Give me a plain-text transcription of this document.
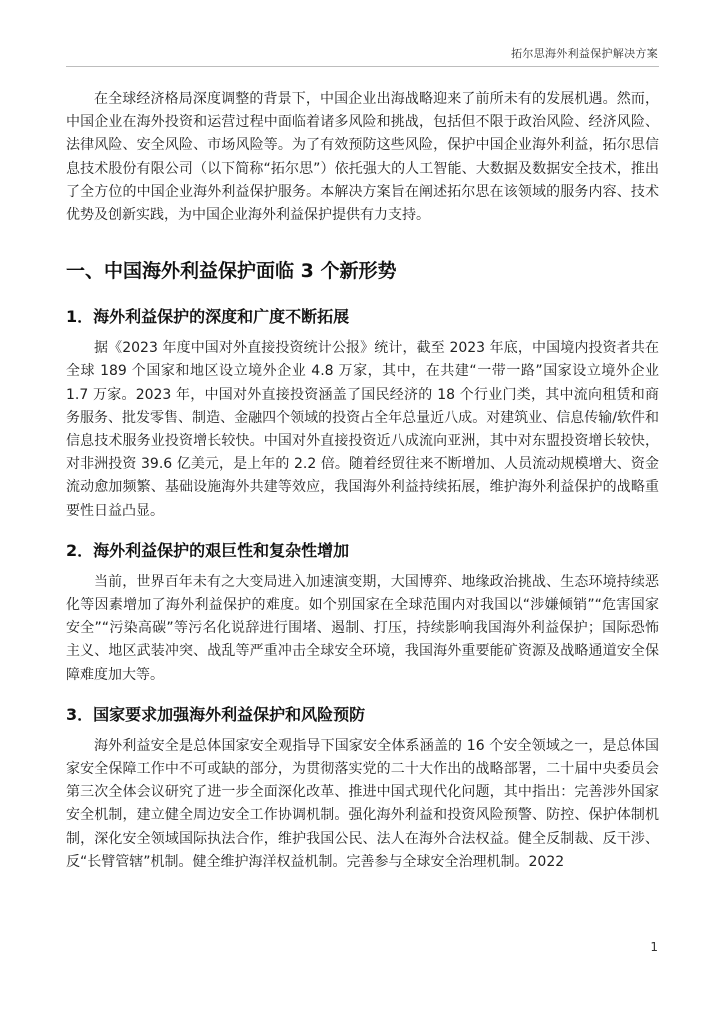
拓尔思海外利益保护解决方案

在全球经济格局深度调整的背景下，中国企业出海战略迎来了前所未有的发展机遇。然而，中国企业在海外投资和运营过程中面临着诸多风险和挑战，包括但不限于政治风险、经济风险、法律风险、安全风险、市场风险等。为了有效预防这些风险，保护中国企业海外利益，拓尔思信息技术股份有限公司（以下简称“拓尔思”）依托强大的人工智能、大数据及数据安全技术，推出了全方位的中国企业海外利益保护服务。本解决方案旨在阐述拓尔思在该领域的服务内容、技术优势及创新实践，为中国企业海外利益保护提供有力支持。

一、中国海外利益保护面临 3 个新形势
1．海外利益保护的深度和广度不断拓展

据《2023 年度中国对外直接投资统计公报》统计，截至 2023 年底，中国境内投资者共在全球 189 个国家和地区设立境外企业 4.8 万家，其中，在共建“一带一路”国家设立境外企业 1.7 万家。2023 年，中国对外直接投资涵盖了国民经济的 18 个行业门类，其中流向租赁和商务服务、批发零售、制造、金融四个领域的投资占全年总量近八成。对建筑业、信息传输/软件和信息技术服务业投资增长较快。中国对外直接投资近八成流向亚洲，其中对东盟投资增长较快，对非洲投资 39.6 亿美元，是上年的 2.2 倍。随着经贸往来不断增加、人员流动规模增大、资金流动愈加频繁、基础设施海外共建等效应，我国海外利益持续拓展，维护海外利益保护的战略重要性日益凸显。

2．海外利益保护的艰巨性和复杂性增加

当前，世界百年未有之大变局进入加速演变期，大国博弈、地缘政治挑战、生态环境持续恶化等因素增加了海外利益保护的难度。如个别国家在全球范围内对我国以“涉嫌倾销”“危害国家安全”“污染高碳”等污名化说辞进行围堵、遏制、打压，持续影响我国海外利益保护；国际恐怖主义、地区武装冲突、战乱等严重冲击全球安全环境，我国海外重要能矿资源及战略通道安全保障难度加大等。

3．国家要求加强海外利益保护和风险预防

海外利益安全是总体国家安全观指导下国家安全体系涵盖的 16 个安全领域之一，是总体国家安全保障工作中不可或缺的部分，为贯彻落实党的二十大作出的战略部署，二十届中央委员会第三次全体会议研究了进一步全面深化改革、推进中国式现代化问题，其中指出：完善涉外国家安全机制，建立健全周边安全工作协调机制。强化海外利益和投资风险预警、防控、保护体制机制，深化安全领域国际执法合作，维护我国公民、法人在海外合法权益。健全反制裁、反干涉、反“长臂管辖”机制。健全维护海洋权益机制。完善参与全球安全治理机制。2022

1
